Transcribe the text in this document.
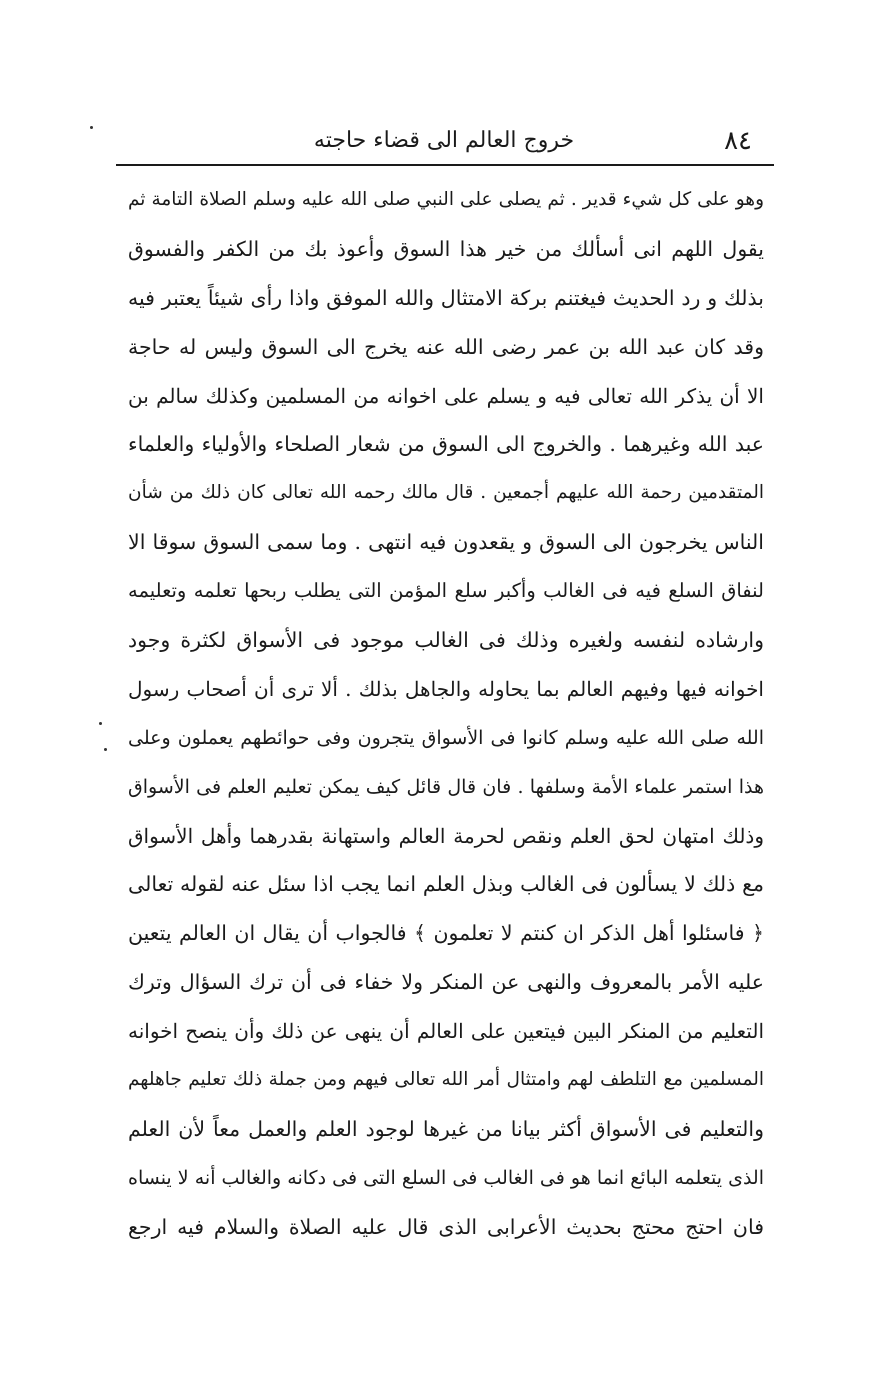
٨٤
خروج العالم الى قضاء حاجته
وهو على كل شيء قدير . ثم يصلى على النبي صلى الله عليه وسلم الصلاة التامة ثم
يقول اللهم انى أسألك من خير هذا السوق وأعوذ بك من الكفر والفسوق
بذلك و رد الحديث فيغتنم بركة الامتثال والله الموفق واذا رأى شيئاً يعتبر فيه
وقد كان عبد الله بن عمر رضى الله عنه يخرج الى السوق وليس له حاجة
الا أن يذكر الله تعالى فيه و يسلم على اخوانه من المسلمين وكذلك سالم بن
عبد الله وغيرهما . والخروج الى السوق من شعار الصلحاء والأولياء والعلماء
المتقدمين رحمة الله عليهم أجمعين . قال مالك رحمه الله تعالى كان ذلك من شأن
الناس يخرجون الى السوق و يقعدون فيه انتهى . وما سمى السوق سوقا الا
لنفاق السلع فيه فى الغالب وأكبر سلع المؤمن التى يطلب ربحها تعلمه وتعليمه
وارشاده لنفسه ولغيره وذلك فى الغالب موجود فى الأسواق لكثرة وجود
اخوانه فيها وفيهم العالم بما يحاوله والجاهل بذلك . ألا ترى أن أصحاب رسول
الله صلى الله عليه وسلم كانوا فى الأسواق يتجرون وفى حوائطهم يعملون وعلى
هذا استمر علماء الأمة وسلفها . فان قال قائل كيف يمكن تعليم العلم فى الأسواق
وذلك امتهان لحق العلم ونقص لحرمة العالم واستهانة بقدرهما وأهل الأسواق
مع ذلك لا يسألون فى الغالب وبذل العلم انما يجب اذا سئل عنه لقوله تعالى
﴿ فاسئلوا أهل الذكر ان كنتم لا تعلمون ﴾ فالجواب أن يقال ان العالم يتعين
عليه الأمر بالمعروف والنهى عن المنكر ولا خفاء فى أن ترك السؤال وترك
التعليم من المنكر البين فيتعين على العالم أن ينهى عن ذلك وأن ينصح اخوانه
المسلمين مع التلطف لهم وامتثال أمر الله تعالى فيهم ومن جملة ذلك تعليم جاهلهم
والتعليم فى الأسواق أكثر بيانا من غيرها لوجود العلم والعمل معاً لأن العلم
الذى يتعلمه البائع انما هو فى الغالب فى السلع التى فى دكانه والغالب أنه لا ينساه
فان احتج محتج بحديث الأعرابى الذى قال عليه الصلاة والسلام فيه ارجع
